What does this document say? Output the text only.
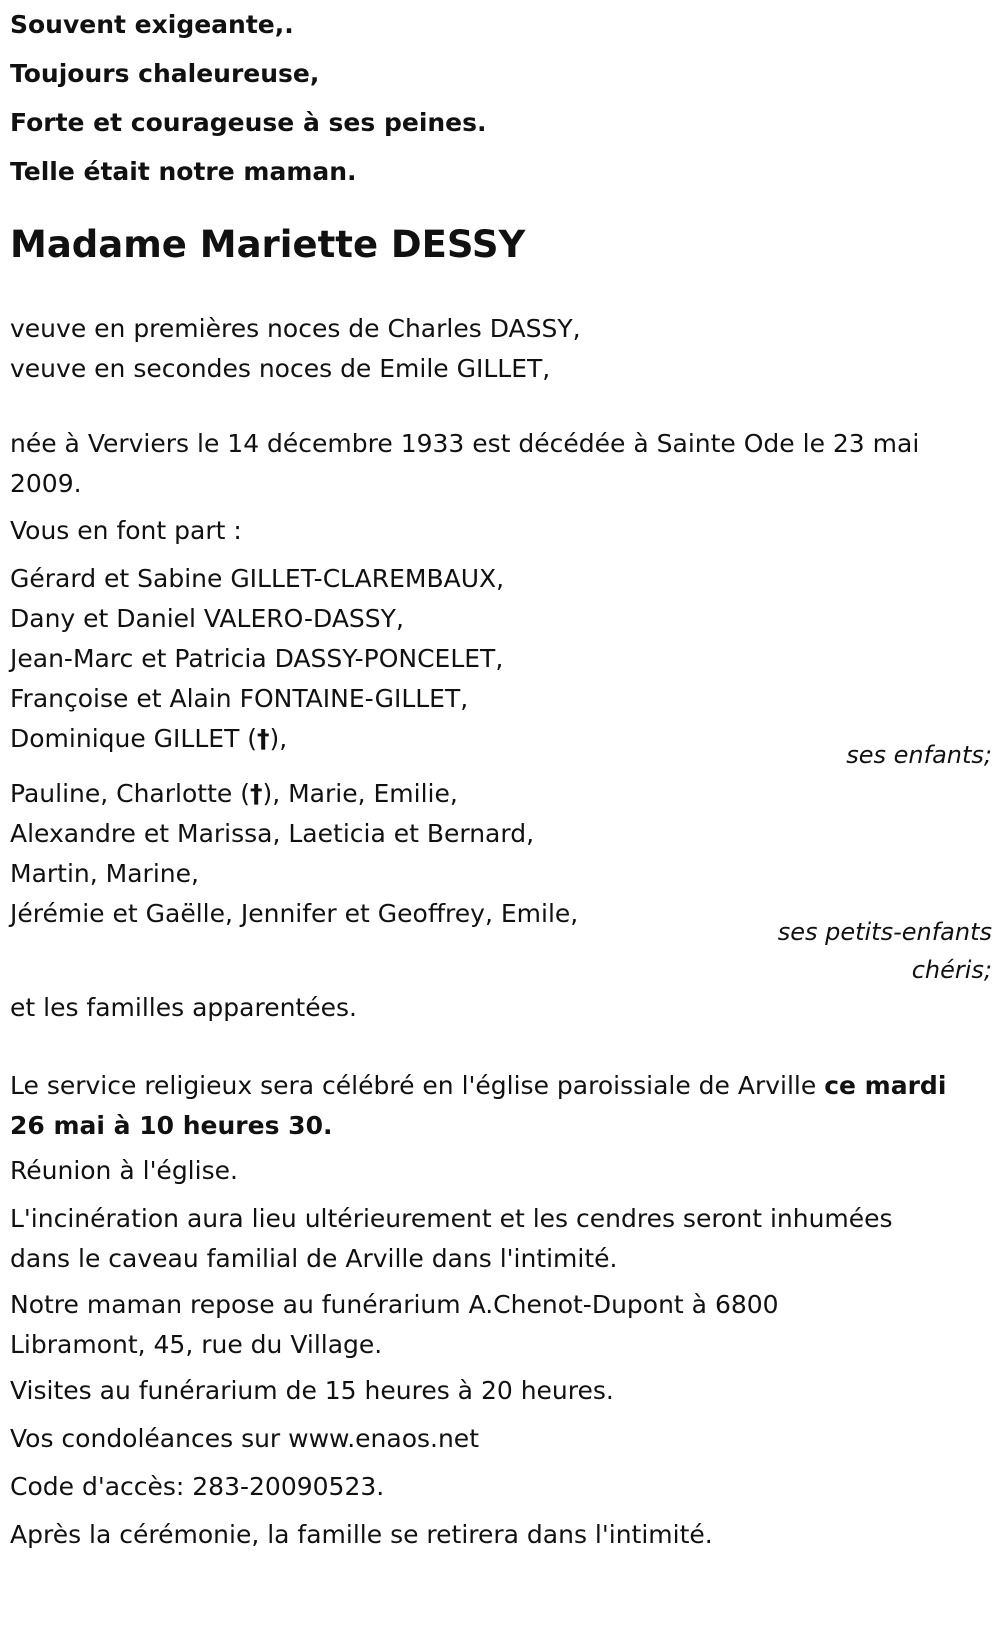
Souvent exigeante,.
Toujours chaleureuse,
Forte et courageuse à ses peines.
Telle était notre maman.
Madame Mariette DESSY
veuve en premières noces de Charles DASSY,
veuve en secondes noces de Emile GILLET,
née à Verviers le 14 décembre 1933 est décédée à Sainte Ode le 23 mai 2009.
Vous en font part :
Gérard et Sabine GILLET-CLAREMBAUX,
Dany et Daniel VALERO-DASSY,
Jean-Marc et Patricia DASSY-PONCELET,
Françoise et Alain FONTAINE-GILLET,
Dominique GILLET (†),
ses enfants;
Pauline, Charlotte (†), Marie, Emilie,
Alexandre et Marissa, Laeticia et Bernard,
Martin, Marine,
Jérémie et Gaëlle, Jennifer et Geoffrey, Emile,
ses petits-enfants
chéris;
et les familles apparentées.
Le service religieux sera célébré en l'église paroissiale de Arville ce mardi 26 mai à 10 heures 30.
Réunion à l'église.
L'incinération aura lieu ultérieurement et les cendres seront inhumées dans le caveau familial de Arville dans l'intimité.
Notre maman repose au funérarium A.Chenot-Dupont à 6800 Libramont, 45, rue du Village.
Visites au funérarium de 15 heures à 20 heures.
Vos condoléances sur www.enaos.net
Code d'accès: 283-20090523.
Après la cérémonie, la famille se retirera dans l'intimité.
